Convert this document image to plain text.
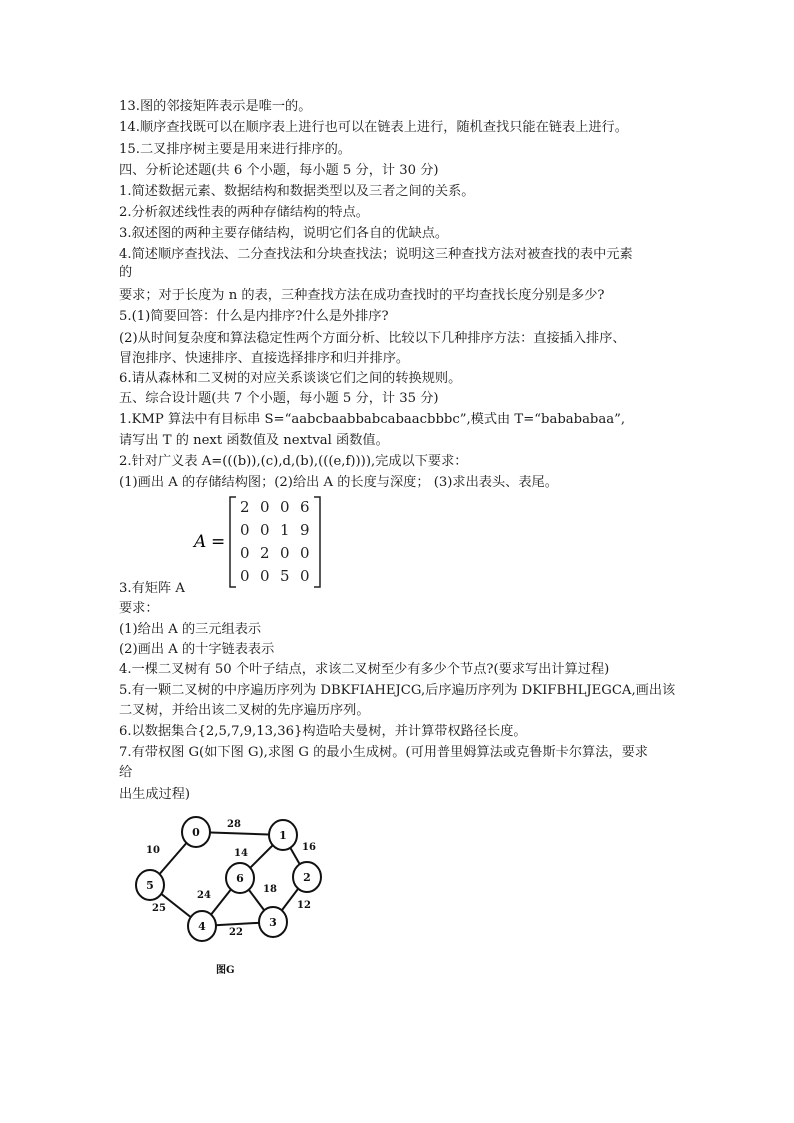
13.图的邻接矩阵表示是唯一的。
14.顺序查找既可以在顺序表上进行也可以在链表上进行，随机查找只能在链表上进行。
15.二叉排序树主要是用来进行排序的。
四、分析论述题(共 6 个小题，每小题 5 分，计 30 分)
1.简述数据元素、数据结构和数据类型以及三者之间的关系。
2.分析叙述线性表的两种存储结构的特点。
3.叙述图的两种主要存储结构，说明它们各自的优缺点。
4.简述顺序查找法、二分查找法和分块查找法；说明这三种查找方法对被查找的表中元素
的
要求；对于长度为 n 的表，三种查找方法在成功查找时的平均查找长度分别是多少?
5.(1)简要回答：什么是内排序?什么是外排序?
(2)从时间复杂度和算法稳定性两个方面分析、比较以下几种排序方法：直接插入排序、
冒泡排序、快速排序、直接选择排序和归并排序。
6.请从森林和二叉树的对应关系谈谈它们之间的转换规则。
五、综合设计题(共 7 个小题，每小题 5 分，计 35 分)
1.KMP 算法中有目标串 S=“aabcbaabbabcabaacbbbc”,模式由 T=“babababaa”,
请写出 T 的 next 函数值及 nextval 函数值。
2.针对广义表 A=(((b)),(c),d,(b),(((e,f)))),完成以下要求：
(1)画出 A 的存储结构图；(2)给出 A 的长度与深度； (3)求出表头、表尾。
A =
2 0 0 6
0 0 1 9
0 2 0 0
0 0 5 0
3.有矩阵 A
要求：
(1)给出 A 的三元组表示
(2)画出 A 的十字链表表示
4.一棵二叉树有 50 个叶子结点，求该二叉树至少有多少个节点?(要求写出计算过程)
5.有一颗二叉树的中序遍历序列为 DBKFIAHEJCG,后序遍历序列为 DKIFBHLJEGCA,画出该
二叉树，并给出该二叉树的先序遍历序列。
6.以数据集合{2,5,7,9,13,36}构造哈夫曼树，并计算带权路径长度。
7.有带权图 G(如下图 G),求图 G 的最小生成树。(可用普里姆算法或克鲁斯卡尔算法，要求
给
出生成过程)
28
10	14
16
24
18
25
22
12
0	1
2
3
4
5
6
图G
